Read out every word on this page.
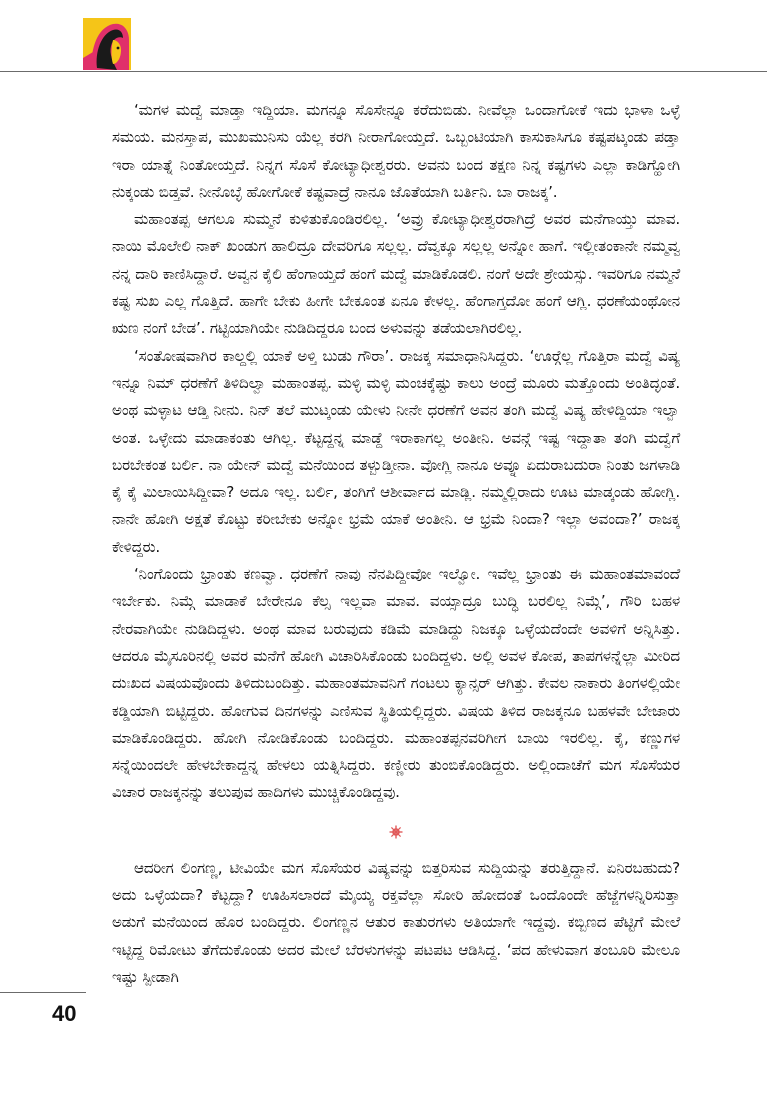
‘ಮಗಳ ಮದ್ವೆ ಮಾಡ್ತಾ ಇದ್ದಿಯಾ. ಮಗನ್ನೂ ಸೊಸೇನ್ನೂ ಕರೆದುಬಿಡು. ನೀವೆಲ್ಲಾ ಒಂದಾಗೋಕೆ ಇದು ಭಾಳಾ ಒಳ್ಳೆ ಸಮಯ. ಮನಸ್ತಾಪ, ಮುಖಮುನಿಸು ಯೆಲ್ಲ ಕರಗಿ ನೀರಾಗೋಯ್ತದೆ. ಒಬ್ಬಂಟಿಯಾಗಿ ಕಾಸುಕಾಸಿಗೂ ಕಷ್ಟಪಟ್ಕಂಡು ಪಡ್ತಾ ಇರಾ ಯಾತ್ನೆ ನಿಂತೋಯ್ತದೆ. ನಿನ್ನಗ ಸೊಸೆ ಕೋಟ್ಯಾಧೀಶ್ವರರು. ಅವನು ಬಂದ ತಕ್ಷಣ ನಿನ್ನ ಕಷ್ಟಗಳು ಎಲ್ಲಾ ಕಾಡಿಗ್ಹೋಗಿ ನುಕ್ಕಂಡು ಬಿಡ್ತವೆ. ನೀನೊಬ್ಳೆ ಹೋಗೋಕೆ ಕಷ್ಟವಾದ್ರೆ ನಾನೂ ಜೊತೆಯಾಗಿ ಬರ್ತಿನಿ. ಬಾ ರಾಜಕ್ಕ’.

ಮಹಾಂತಪ್ಪ ಆಗಲೂ ಸುಮ್ಮನೆ ಕುಳಿತುಕೊಂಡಿರಲಿಲ್ಲ. ‘ಅವ್ರು ಕೋಟ್ಯಾಧೀಶ್ವರರಾಗಿದ್ರೆ ಅವರ ಮನೆಗಾಯ್ತು ಮಾವ. ನಾಯಿ ಮೊಲೇಲಿ ನಾಕ್ ಖಂಡುಗ ಹಾಲಿದ್ರೂ ದೇವರಿಗೂ ಸಲ್ಲಲ್ಲ. ದೆವ್ವಕ್ಕೂ ಸಲ್ಲಲ್ಲ ಅನ್ನೋ ಹಾಗೆ. ಇಲ್ಲೀತಂಕಾನೇ ನಮ್ಮವ್ವ ನನ್ನ ದಾರಿ ಕಾಣಿಸಿದ್ದಾರೆ. ಅವ್ವನ ಕೈಲಿ ಹೆಂಗಾಯ್ತದೆ ಹಂಗೆ ಮದ್ವೆ ಮಾಡಿಕೊಡಲಿ. ನಂಗೆ ಅದೇ ಶ್ರೇಯಸ್ಸು. ಇವರಿಗೂ ನಮ್ಮನೆ ಕಷ್ಟ ಸುಖ ಎಲ್ಲ ಗೊತ್ತಿದೆ. ಹಾಗೇ ಬೇಕು ಹೀಗೇ ಬೇಕೂಂತ ಏನೂ ಕೇಳಲ್ಲ. ಹೆಂಗಾಗ್ತದೋ ಹಂಗೆ ಆಗ್ಲಿ. ಧರಣೆಯಂಥೋನ ಋಣ ನಂಗೆ ಬೇಡ’. ಗಟ್ಟಿಯಾಗಿಯೇ ನುಡಿದಿದ್ದರೂ ಬಂದ ಅಳುವನ್ನು ತಡೆಯಲಾಗಿರಲಿಲ್ಲ.

‘ಸಂತೋಷವಾಗಿರ ಕಾಲ್ದಲ್ಲಿ ಯಾಕೆ ಅಳ್ತಿ ಬುಡು ಗೌರಾ’. ರಾಜಕ್ಕ ಸಮಾಧಾನಿಸಿದ್ದರು. ‘ಊರ್‍ಗೆಲ್ಲ ಗೊತ್ತಿರಾ ಮದ್ವೆ ವಿಷ್ಯ ಇನ್ನೂ ನಿಮ್ ಧರಣೆಗೆ ತಿಳಿದಿಲ್ವಾ ಮಹಾಂತಪ್ಪ. ಮಳ್ಳಿ ಮಳ್ಳಿ ಮಂಚಕ್ಕೆಷ್ಟು ಕಾಲು ಅಂದ್ರೆ ಮೂರು ಮತ್ತೊಂದು ಅಂತಿದ್ಳಂತೆ. ಅಂಥ ಮಳ್ಳಾಟ ಆಡ್ತಿ ನೀನು. ನಿನ್ ತಲೆ ಮುಟ್ಕಂಡು ಯೇಳು ನೀನೇ ಧರಣೆಗೆ ಅವನ ತಂಗಿ ಮದ್ವೆ ವಿಷ್ಯ ಹೇಳಿದ್ದಿಯಾ ಇಲ್ವಾ ಅಂತ. ಒಳ್ಳೇದು ಮಾಡಾಕಂತು ಆಗಿಲ್ಲ. ಕೆಟ್ಟದ್ದನ್ನ ಮಾಡ್ದೆ ಇರಾಕಾಗಲ್ಲ ಅಂತೀನಿ. ಅವನ್ಗೆ ಇಷ್ಟ ಇದ್ದಾತಾ ತಂಗಿ ಮದ್ವೆಗೆ ಬರಬೇಕಂತ ಬರ್ಲಿ. ನಾ ಯೇನ್ ಮದ್ವೆ ಮನೆಯಿಂದ ತಳ್ಬುಡ್ತೀನಾ. ವೋಗ್ಲಿ ನಾನೂ ಅವ್ನೂ ಏದುರಾಬದುರಾ ನಿಂತು ಜಗಳಾಡಿ ಕೈ ಕೈ ಮಿಲಾಯಿಸಿದ್ದೀವಾ? ಅದೂ ಇಲ್ಲ. ಬರ್ಲಿ, ತಂಗಿಗೆ ಆಶೀರ್ವಾದ ಮಾಡ್ಲಿ. ನಮ್ಮಲ್ಲಿರಾದು ಊಟ ಮಾಡ್ಕಂಡು ಹೋಗ್ಲಿ. ನಾನೇ ಹೋಗಿ ಅಕ್ಷತೆ ಕೊಟ್ಟು ಕರೀಬೇಕು ಅನ್ನೋ ಭ್ರಮೆ ಯಾಕೆ ಅಂತೀನಿ. ಆ ಭ್ರಮೆ ನಿಂದಾ? ಇಲ್ಲಾ ಅವಂದಾ?’ ರಾಜಕ್ಕ ಕೇಳಿದ್ದರು.

‘ನಿಂಗೊಂದು ಭ್ರಾಂತು ಕಣವ್ವಾ. ಧರಣೆಗೆ ನಾವು ನೆನಪಿದ್ದೀವೋ ಇಲ್ವೋ. ಇವೆಲ್ಲ ಭ್ರಾಂತು ಈ ಮಹಾಂತಮಾವಂದೆ ಇರ್ಬೇಕು. ನಿಮ್ಗೆ ಮಾಡಾಕೆ ಬೇರೇನೂ ಕೆಲ್ಸ ಇಲ್ಲವಾ ಮಾವ. ವಯ್ಸಾದ್ರೂ ಬುದ್ಧಿ ಬರಲಿಲ್ಲ ನಿಮ್ಗೆ’, ಗೌರಿ ಬಹಳ ನೇರವಾಗಿಯೇ ನುಡಿದಿದ್ದಳು. ಅಂಥ ಮಾವ ಬರುವುದು ಕಡಿಮೆ ಮಾಡಿದ್ದು ನಿಜಕ್ಕೂ ಒಳ್ಳೆಯದೆಂದೇ ಅವಳಿಗೆ ಅನ್ನಿಸಿತ್ತು. ಆದರೂ ಮೈಸೂರಿನಲ್ಲಿ ಅವರ ಮನೆಗೆ ಹೋಗಿ ವಿಚಾರಿಸಿಕೊಂಡು ಬಂದಿದ್ದಳು. ಅಲ್ಲಿ ಅವಳ ಕೋಪ, ತಾಪಗಳನ್ನೆಲ್ಲಾ ಮೀರಿದ ದುಃಖದ ವಿಷಯವೊಂದು ತಿಳಿದುಬಂದಿತ್ತು. ಮಹಾಂತಮಾವನಿಗೆ ಗಂಟಲು ಕ್ಯಾನ್ಸರ್ ಆಗಿತ್ತು. ಕೇವಲ ನಾಕಾರು ತಿಂಗಳಲ್ಲಿಯೇ ಕಡ್ಡಿಯಾಗಿ ಬಿಟ್ಟಿದ್ದರು. ಹೋಗುವ ದಿನಗಳನ್ನು ಎಣಿಸುವ ಸ್ಥಿತಿಯಲ್ಲಿದ್ದರು. ವಿಷಯ ತಿಳಿದ ರಾಜಕ್ಕನೂ ಬಹಳವೇ ಬೇಜಾರು ಮಾಡಿಕೊಂಡಿದ್ದರು. ಹೋಗಿ ನೋಡಿಕೊಂಡು ಬಂದಿದ್ದರು. ಮಹಾಂತಪ್ಪನವರಿಗೀಗ ಬಾಯಿ ಇರಲಿಲ್ಲ. ಕೈ, ಕಣ್ಣುಗಳ ಸನ್ನೆಯಿಂದಲೇ ಹೇಳಬೇಕಾದ್ದನ್ನ ಹೇಳಲು ಯತ್ನಿಸಿದ್ದರು. ಕಣ್ಣೀರು ತುಂಬಿಕೊಂಡಿದ್ದರು. ಅಲ್ಲಿಂದಾಚೆಗೆ ಮಗ ಸೊಸೆಯರ ವಿಚಾರ ರಾಜಕ್ಕನನ್ನು ತಲುಪುವ ಹಾದಿಗಳು ಮುಚ್ಚಿಕೊಂಡಿದ್ದವು.

ಆದರೀಗ ಲಿಂಗಣ್ಣ, ಟೀವಿಯೇ ಮಗ ಸೊಸೆಯರ ವಿಷ್ಯವನ್ನು ಬಿತ್ತರಿಸುವ ಸುದ್ದಿಯನ್ನು ತರುತ್ತಿದ್ದಾನೆ. ಏನಿರಬಹುದು? ಅದು ಒಳ್ಳೆಯದಾ? ಕೆಟ್ಟದ್ದಾ? ಊಹಿಸಲಾರದೆ ಮೈಯ್ಯ ರಕ್ತವೆಲ್ಲಾ ಸೋರಿ ಹೋದಂತೆ ಒಂದೊಂದೇ ಹೆಜ್ಜೆಗಳನ್ನಿರಿಸುತ್ತಾ ಅಡುಗೆ ಮನೆಯಿಂದ ಹೊರ ಬಂದಿದ್ದರು. ಲಿಂಗಣ್ಣನ ಆತುರ ಕಾತುರಗಳು ಅತಿಯಾಗೇ ಇದ್ದವು. ಕಬ್ಬಿಣದ ಪೆಟ್ಟಿಗೆ ಮೇಲೆ ಇಟ್ಟಿದ್ದ ರಿಮೋಟು ತೆಗೆದುಕೊಂಡು ಅದರ ಮೇಲೆ ಬೆರಳುಗಳನ್ನು ಪಟಪಟ ಆಡಿಸಿದ್ದ. ‘ಪದ ಹೇಳುವಾಗ ತಂಬೂರಿ ಮೇಲೂ ಇಷ್ಟು ಸ್ಪೀಡಾಗಿ

40
